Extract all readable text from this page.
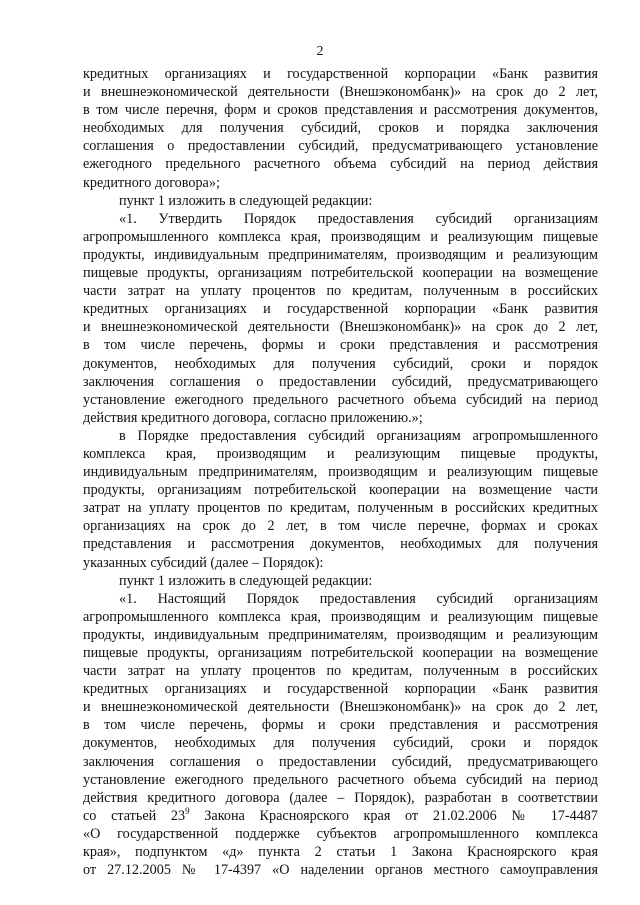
2
кредитных организациях и государственной корпорации «Банк развития
и внешнеэкономической деятельности (Внешэкономбанк)» на срок до 2 лет,
в том числе перечня, форм и сроков представления и рассмотрения документов,
необходимых для получения субсидий, сроков и порядка заключения
соглашения о предоставлении субсидий, предусматривающего установление
ежегодного предельного расчетного объема субсидий на период действия
кредитного договора»;
пункт 1 изложить в следующей редакции:
«1. Утвердить Порядок предоставления субсидий организациям
агропромышленного комплекса края, производящим и реализующим пищевые
продукты, индивидуальным предпринимателям, производящим и реализующим
пищевые продукты, организациям потребительской кооперации на возмещение
части затрат на уплату процентов по кредитам, полученным в российских
кредитных организациях и государственной корпорации «Банк развития
и внешнеэкономической деятельности (Внешэкономбанк)» на срок до 2 лет,
в том числе перечень, формы и сроки представления и рассмотрения
документов, необходимых для получения субсидий, сроки и порядок
заключения соглашения о предоставлении субсидий, предусматривающего
установление ежегодного предельного расчетного объема субсидий на период
действия кредитного договора, согласно приложению.»;
в Порядке предоставления субсидий организациям агропромышленного
комплекса края, производящим и реализующим пищевые продукты,
индивидуальным предпринимателям, производящим и реализующим пищевые
продукты, организациям потребительской кооперации на возмещение части
затрат на уплату процентов по кредитам, полученным в российских кредитных
организациях на срок до 2 лет, в том числе перечне, формах и сроках
представления и рассмотрения документов, необходимых для получения
указанных субсидий (далее – Порядок):
пункт 1 изложить в следующей редакции:
«1. Настоящий Порядок предоставления субсидий организациям
агропромышленного комплекса края, производящим и реализующим пищевые
продукты, индивидуальным предпринимателям, производящим и реализующим
пищевые продукты, организациям потребительской кооперации на возмещение
части затрат на уплату процентов по кредитам, полученным в российских
кредитных организациях и государственной корпорации «Банк развития
и внешнеэкономической деятельности (Внешэкономбанк)» на срок до 2 лет,
в том числе перечень, формы и сроки представления и рассмотрения
документов, необходимых для получения субсидий, сроки и порядок
заключения соглашения о предоставлении субсидий, предусматривающего
установление ежегодного предельного расчетного объема субсидий на период
действия кредитного договора (далее – Порядок), разработан в соответствии
со статьей $23^9$ Закона Красноярского края от 21.02.2006 № 17-4487
«О государственной поддержке субъектов агропромышленного комплекса
края», подпунктом «д» пункта 2 статьи 1 Закона Красноярского края
от 27.12.2005 № 17-4397 «О наделении органов местного самоуправления
